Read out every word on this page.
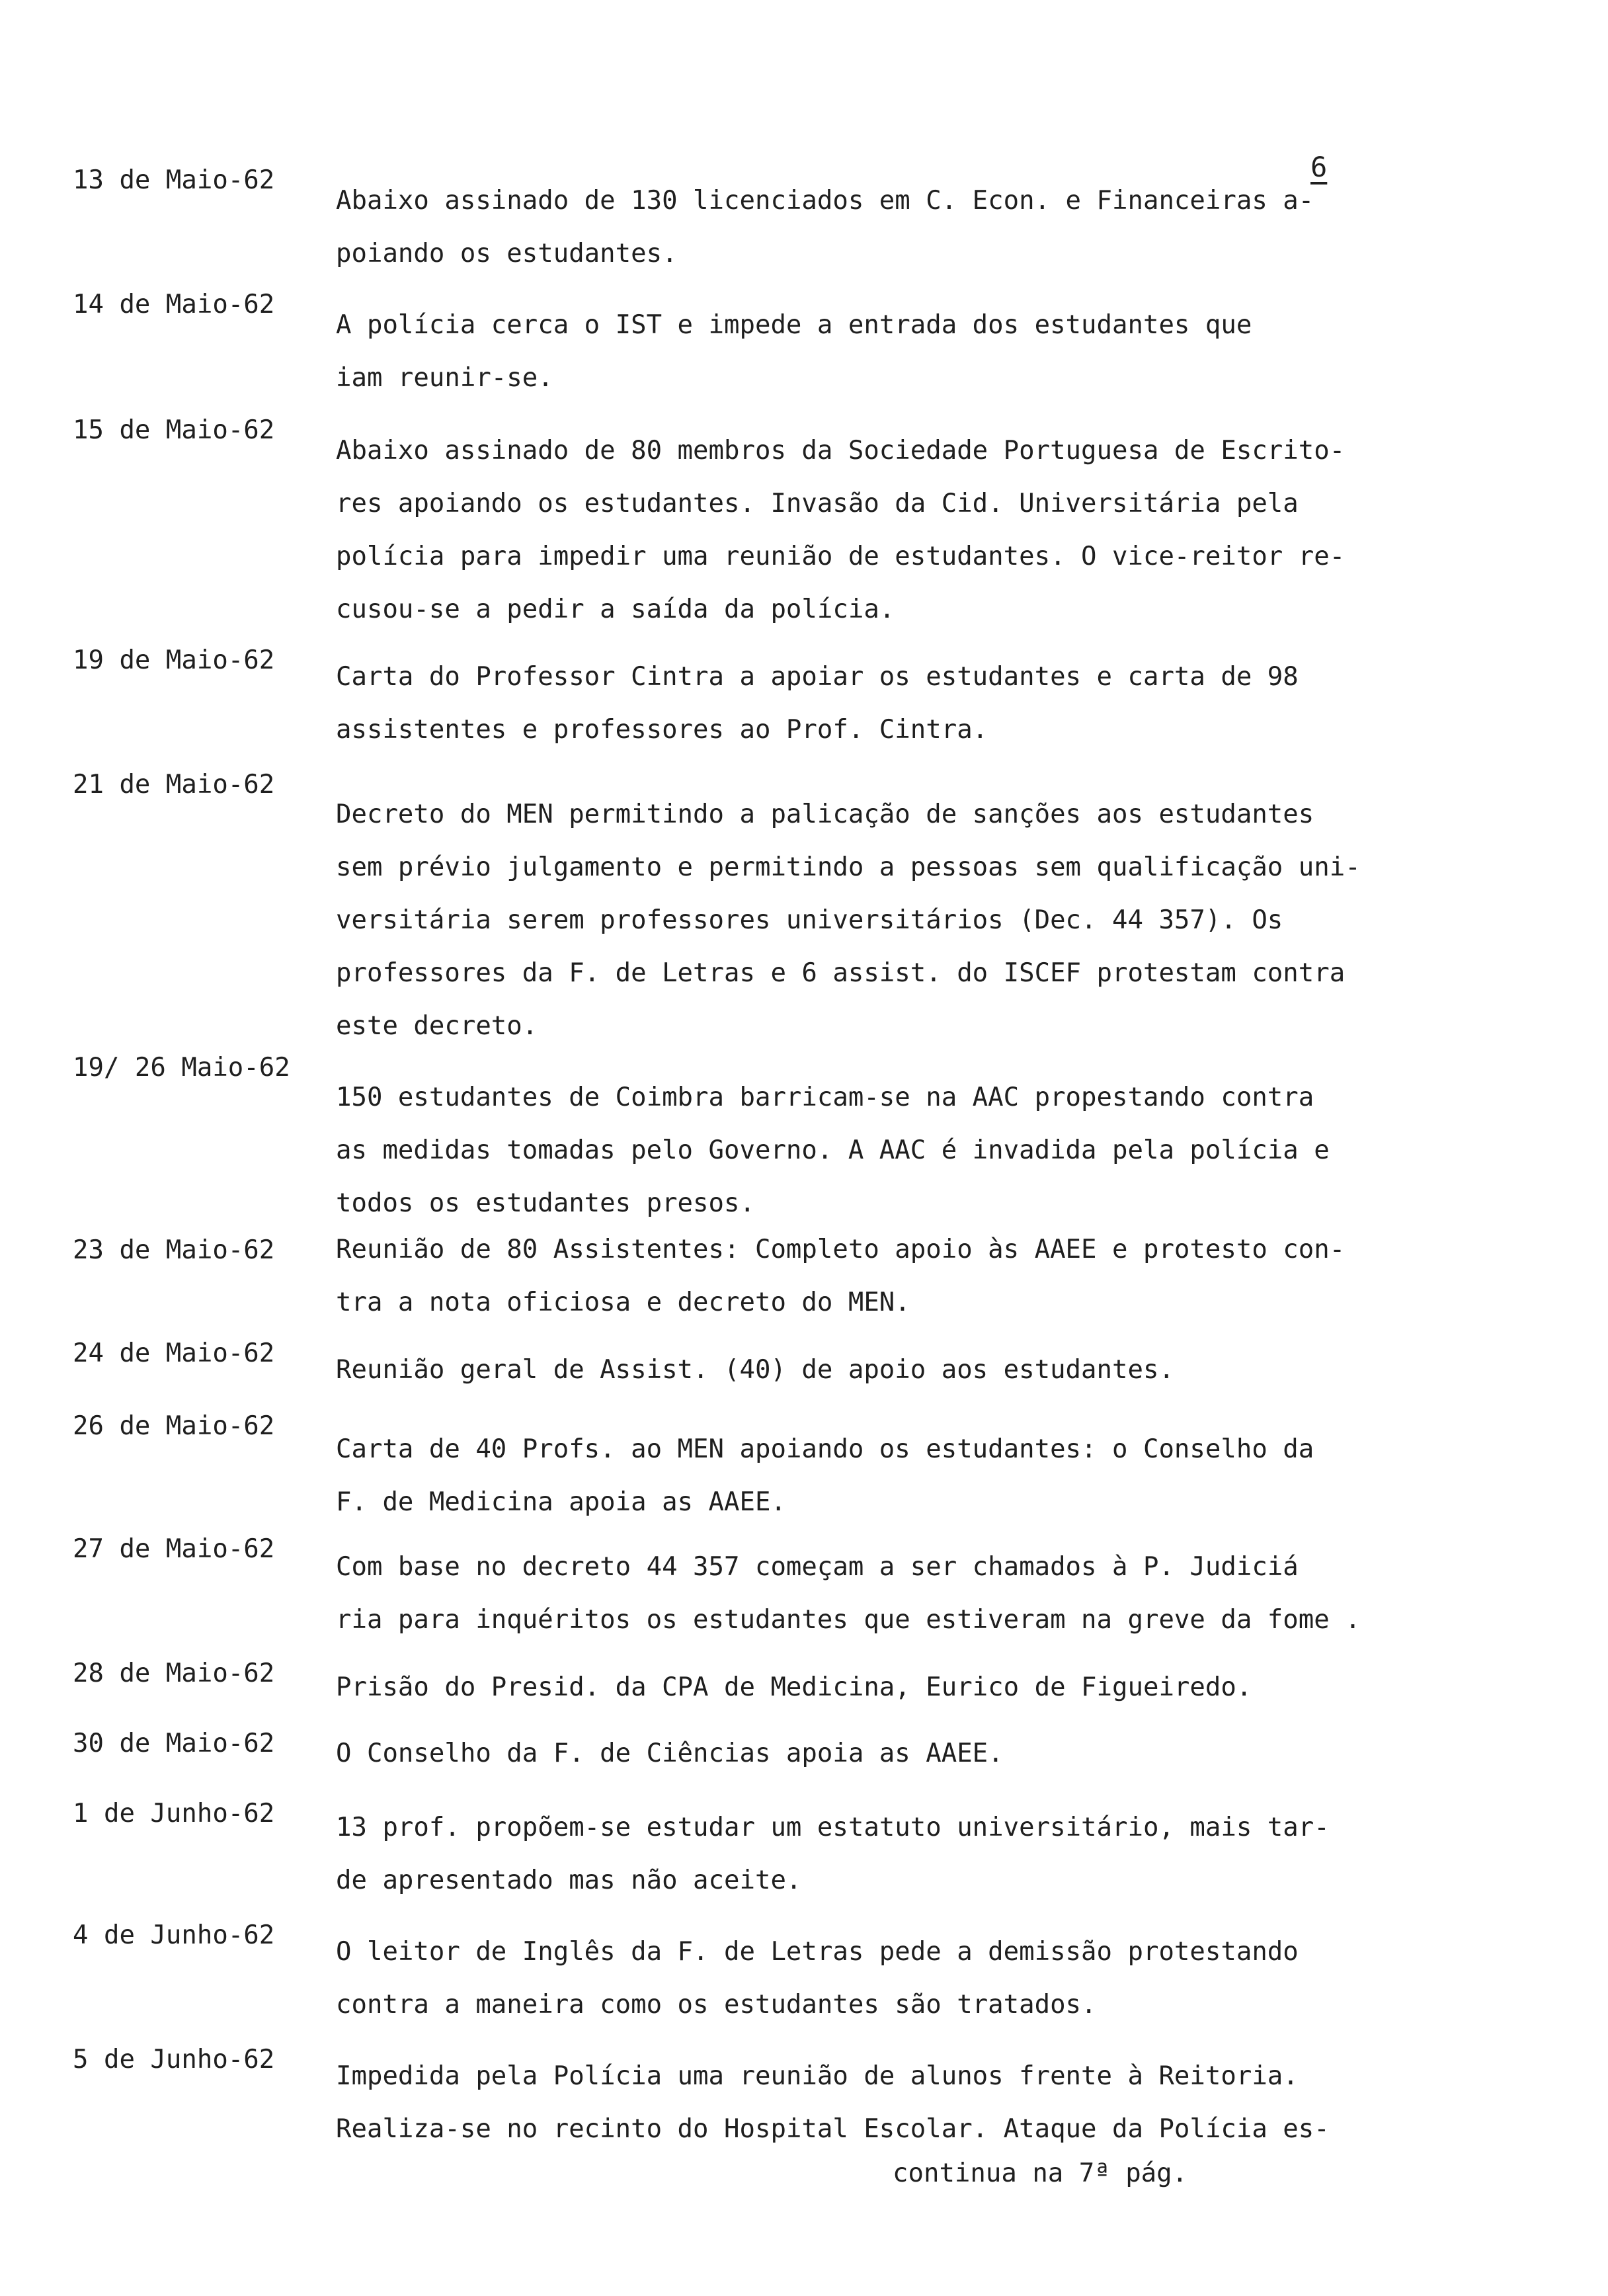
6
13 de Maio-62
Abaixo assinado de 130 licenciados em C. Econ. e Financeiras a-
poiando os estudantes.
14 de Maio-62
A polícia cerca o IST e impede a entrada dos estudantes que
iam reunir-se.
15 de Maio-62
Abaixo assinado de 80 membros da Sociedade Portuguesa de Escrito-
res apoiando os estudantes. Invasão da Cid. Universitária pela
polícia para impedir uma reunião de estudantes. O vice-reitor re-
cusou-se a pedir a saída da polícia.
19 de Maio-62
Carta do Professor Cintra a apoiar os estudantes e carta de 98
assistentes e professores ao Prof. Cintra.
21 de Maio-62
Decreto do MEN permitindo a palicação de sanções aos estudantes
sem prévio julgamento e permitindo a pessoas sem qualificação uni-
versitária serem professores universitários (Dec. 44 357). Os
professores da F. de Letras e 6 assist. do ISCEF protestam contra
este decreto.
19/ 26 Maio-62
150 estudantes de Coimbra barricam-se na AAC propestando contra
as medidas tomadas pelo Governo. A AAC é invadida pela polícia e
todos os estudantes presos.
23 de Maio-62	Reunião de 80 Assistentes: Completo apoio às AAEE e protesto con-
tra a nota oficiosa e decreto do MEN.
24 de Maio-62
Reunião geral de Assist. (40) de apoio aos estudantes.
26 de Maio-62
Carta de 40 Profs. ao MEN apoiando os estudantes: o Conselho da
F. de Medicina apoia as AAEE.
27 de Maio-62
Com base no decreto 44 357 começam a ser chamados à P. Judiciá
ria para inquéritos os estudantes que estiveram na greve da fome .
28 de Maio-62	Prisão do Presid. da CPA de Medicina, Eurico de Figueiredo.
30 de Maio-62	O Conselho da F. de Ciências apoia as AAEE.
1 de Junho-62	13 prof. propõem-se estudar um estatuto universitário, mais tar-
de apresentado mas não aceite.
4 de Junho-62
O leitor de Inglês da F. de Letras pede a demissão protestando
contra a maneira como os estudantes são tratados.
5 de Junho-62
Impedida pela Polícia uma reunião de alunos frente à Reitoria.
Realiza-se no recinto do Hospital Escolar. Ataque da Polícia es-
continua na 7ª pág.
